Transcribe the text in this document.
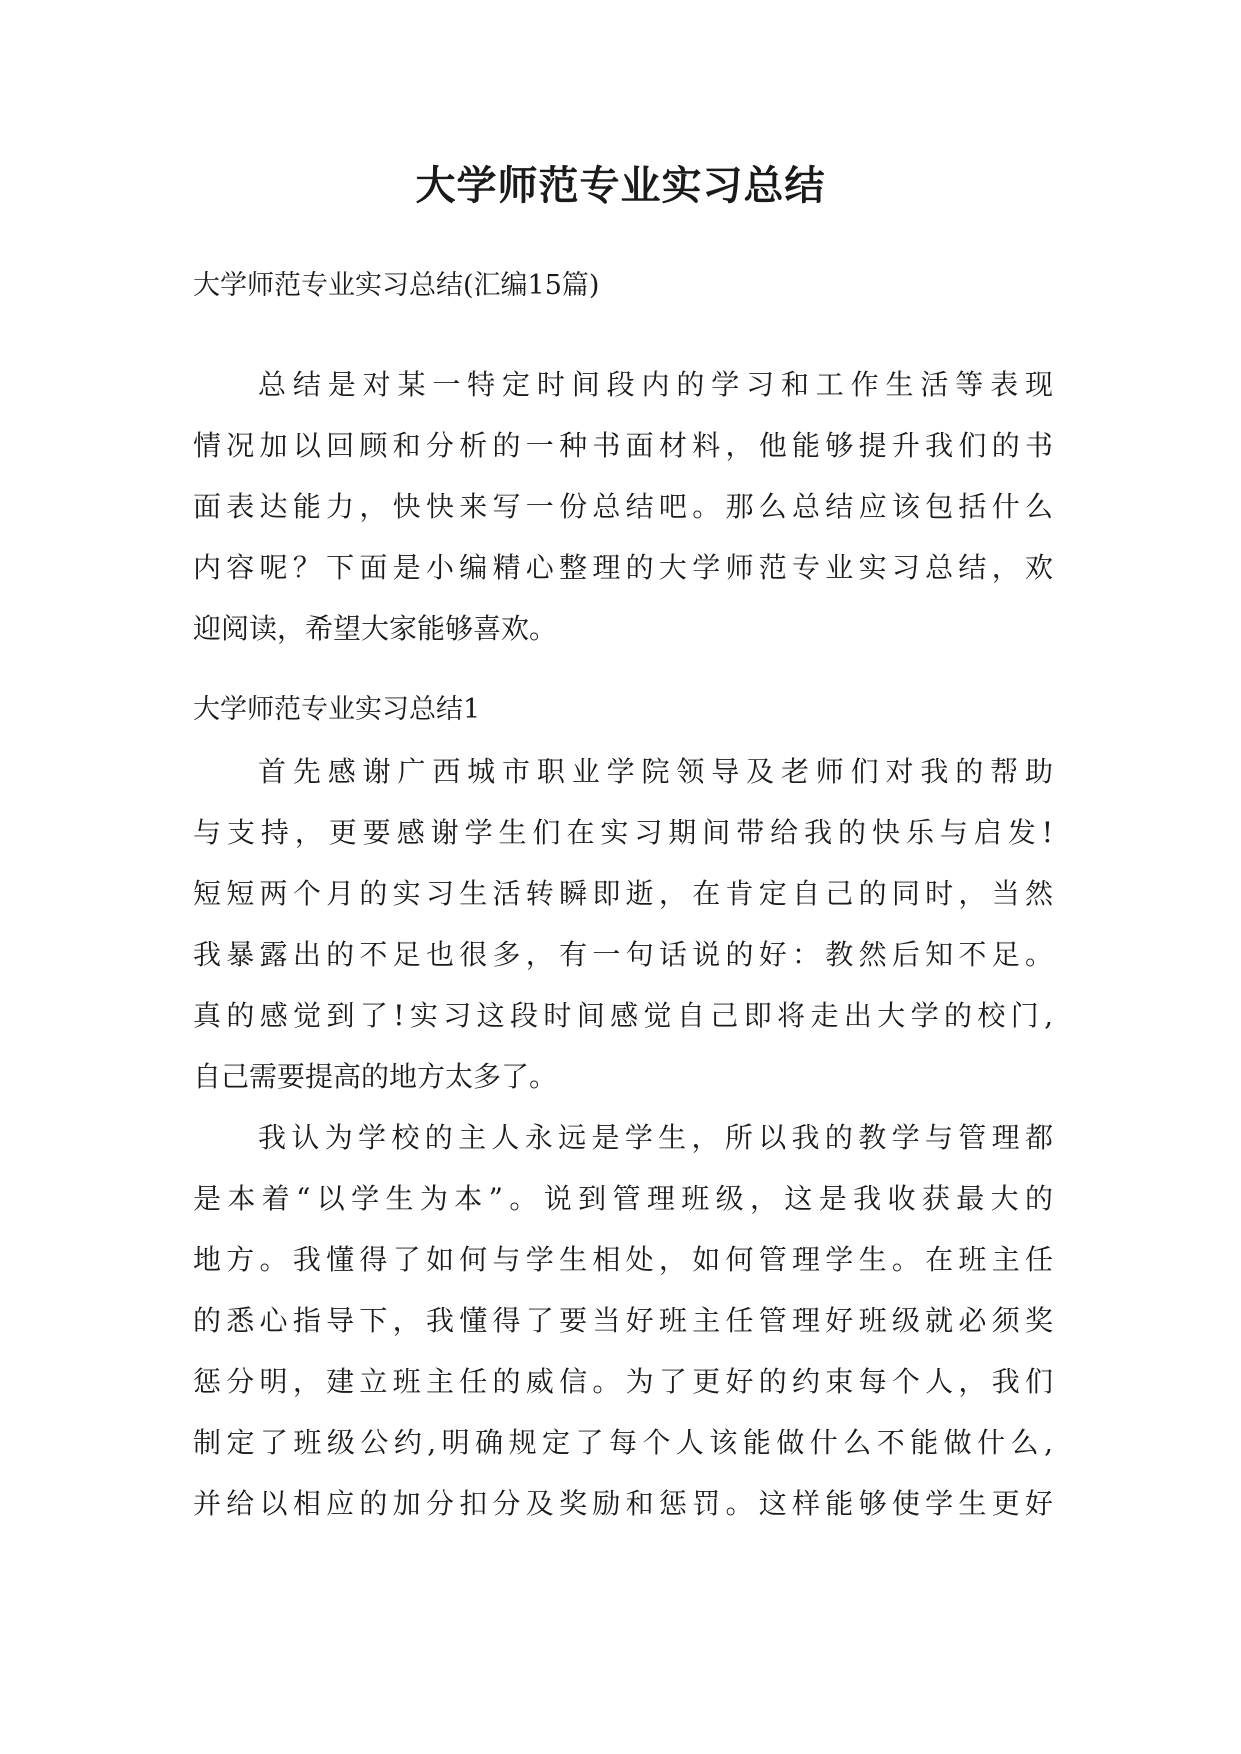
大学师范专业实习总结

大学师范专业实习总结(汇编15篇)

总结是对某一特定时间段内的学习和工作生活等表现
情况加以回顾和分析的一种书面材料，他能够提升我们的书
面表达能力，快快来写一份总结吧。那么总结应该包括什么
内容呢？下面是小编精心整理的大学师范专业实习总结，欢
迎阅读，希望大家能够喜欢。

大学师范专业实习总结1

首先感谢广西城市职业学院领导及老师们对我的帮助
与支持，更要感谢学生们在实习期间带给我的快乐与启发!
短短两个月的实习生活转瞬即逝，在肯定自己的同时，当然
我暴露出的不足也很多，有一句话说的好：教然后知不足。
真的感觉到了!实习这段时间感觉自己即将走出大学的校门,
自己需要提高的地方太多了。
我认为学校的主人永远是学生，所以我的教学与管理都
是本着“以学生为本”。说到管理班级，这是我收获最大的
地方。我懂得了如何与学生相处，如何管理学生。在班主任
的悉心指导下，我懂得了要当好班主任管理好班级就必须奖
惩分明，建立班主任的威信。为了更好的约束每个人，我们
制定了班级公约,明确规定了每个人该能做什么不能做什么,
并给以相应的加分扣分及奖励和惩罚。这样能够使学生更好
